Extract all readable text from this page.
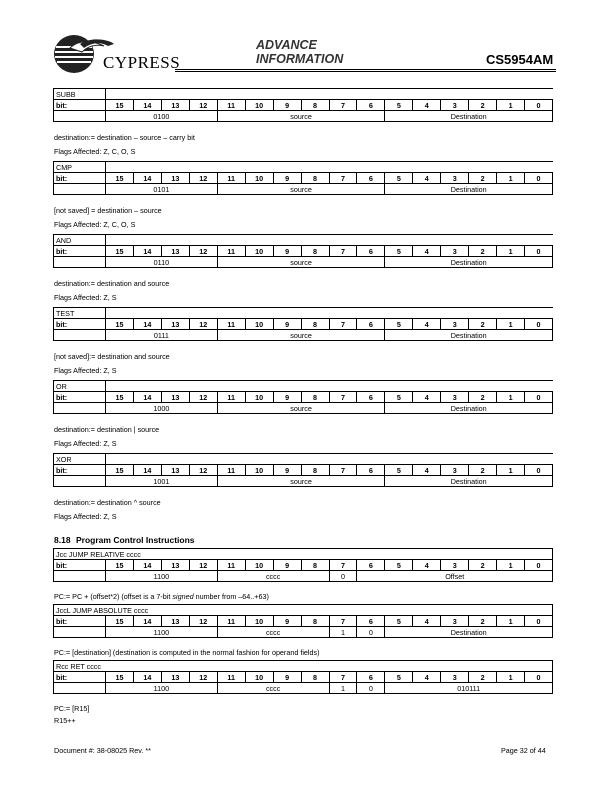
CYPRESS
ADVANCE
INFORMATION	CS5954AM
SUBB																
bit:	15	14	13	12	11	10	9	8	7	6	5	4	3	2	1	0
	0100				source						Destination					
destination:= destination – source – carry bit
Flags Affected: Z, C, O, S
CMP																
bit:	15	14	13	12	11	10	9	8	7	6	5	4	3	2	1	0
	0101				source						Destination					
[not saved] = destination – source
Flags Affected: Z, C, O, S
AND																
bit:	15	14	13	12	11	10	9	8	7	6	5	4	3	2	1	0
	0110				source						Destination					
destination:= destination and source
Flags Affected: Z, S
TEST																
bit:	15	14	13	12	11	10	9	8	7	6	5	4	3	2	1	0
	0111				source						Destination					
[not saved]:= destination and source
Flags Affected: Z, S
OR																
bit:	15	14	13	12	11	10	9	8	7	6	5	4	3	2	1	0
	1000				source						Destination					
destination:= destination | source
Flags Affected: Z, S
XOR																
bit:	15	14	13	12	11	10	9	8	7	6	5	4	3	2	1	0
	1001				source						Destination					
destination:= destination ^ source
Flags Affected: Z, S
8.18 Program Control Instructions
Jcc JUMP RELATIVE cccc																
bit:	15	14	13	12	11	10	9	8	7	6	5	4	3	2	1	0
	1100				cccc				0	Offset						
PC:= PC + (offset*2) (offset is a 7-bit signed number from –64..+63)
JccL JUMP ABSOLUTE cccc																
bit:	15	14	13	12	11	10	9	8	7	6	5	4	3	2	1	0
	1100				cccc				1	0	Destination					
PC:= [destination] (destination is computed in the normal fashion for operand fields)
Rcc RET cccc																
bit:	15	14	13	12	11	10	9	8	7	6	5	4	3	2	1	0
	1100				cccc				1	0	010111					
PC:= [R15]
R15++
Document #: 38-08025 Rev. **	Page 32 of 44
